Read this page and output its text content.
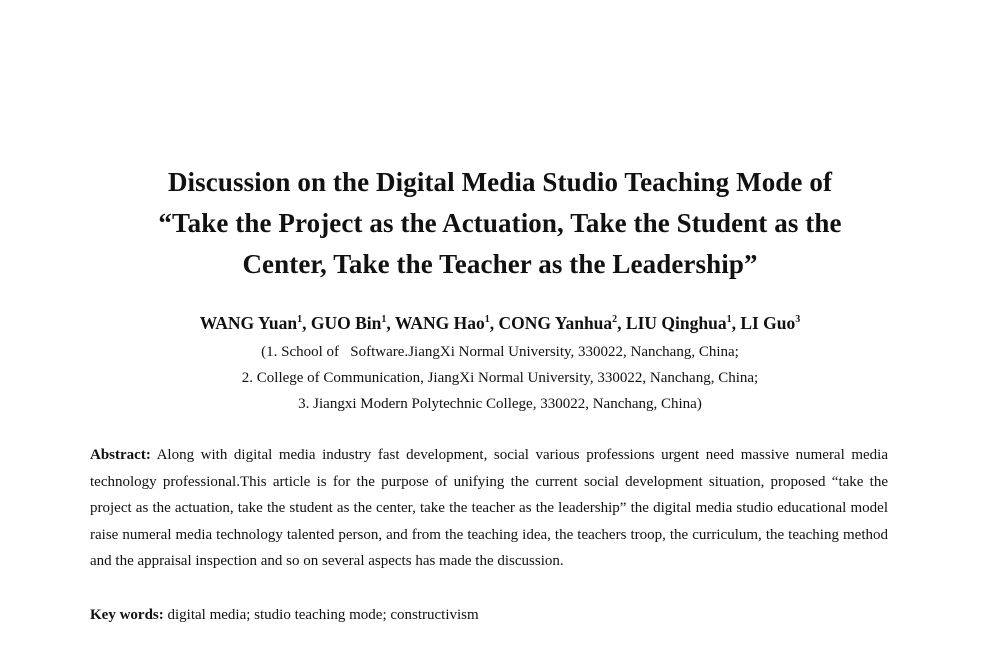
Discussion on the Digital Media Studio Teaching Mode of
“Take the Project as the Actuation, Take the Student as the
Center, Take the Teacher as the Leadership”
WANG Yuan$^1$, GUO Bin$^1$, WANG Hao$^1$, CONG Yanhua$^2$, LIU Qinghua$^1$, LI Guo$^3$
(1. School of   Software.JiangXi Normal University, 330022, Nanchang, China;
2. College of Communication, JiangXi Normal University, 330022, Nanchang, China;
3. Jiangxi Modern Polytechnic College, 330022, Nanchang, China)
Abstract: Along with digital media industry fast development, social various professions urgent need massive numeral media technology professional.This article is for the purpose of unifying the current social development situation, proposed “take the project as the actuation, take the student as the center, take the teacher as the leadership” the digital media studio educational model raise numeral media technology talented person, and from the teaching idea, the teachers troop, the curriculum, the teaching method and the appraisal inspection and so on several aspects has made the discussion.
Key words: digital media; studio teaching mode; constructivism
